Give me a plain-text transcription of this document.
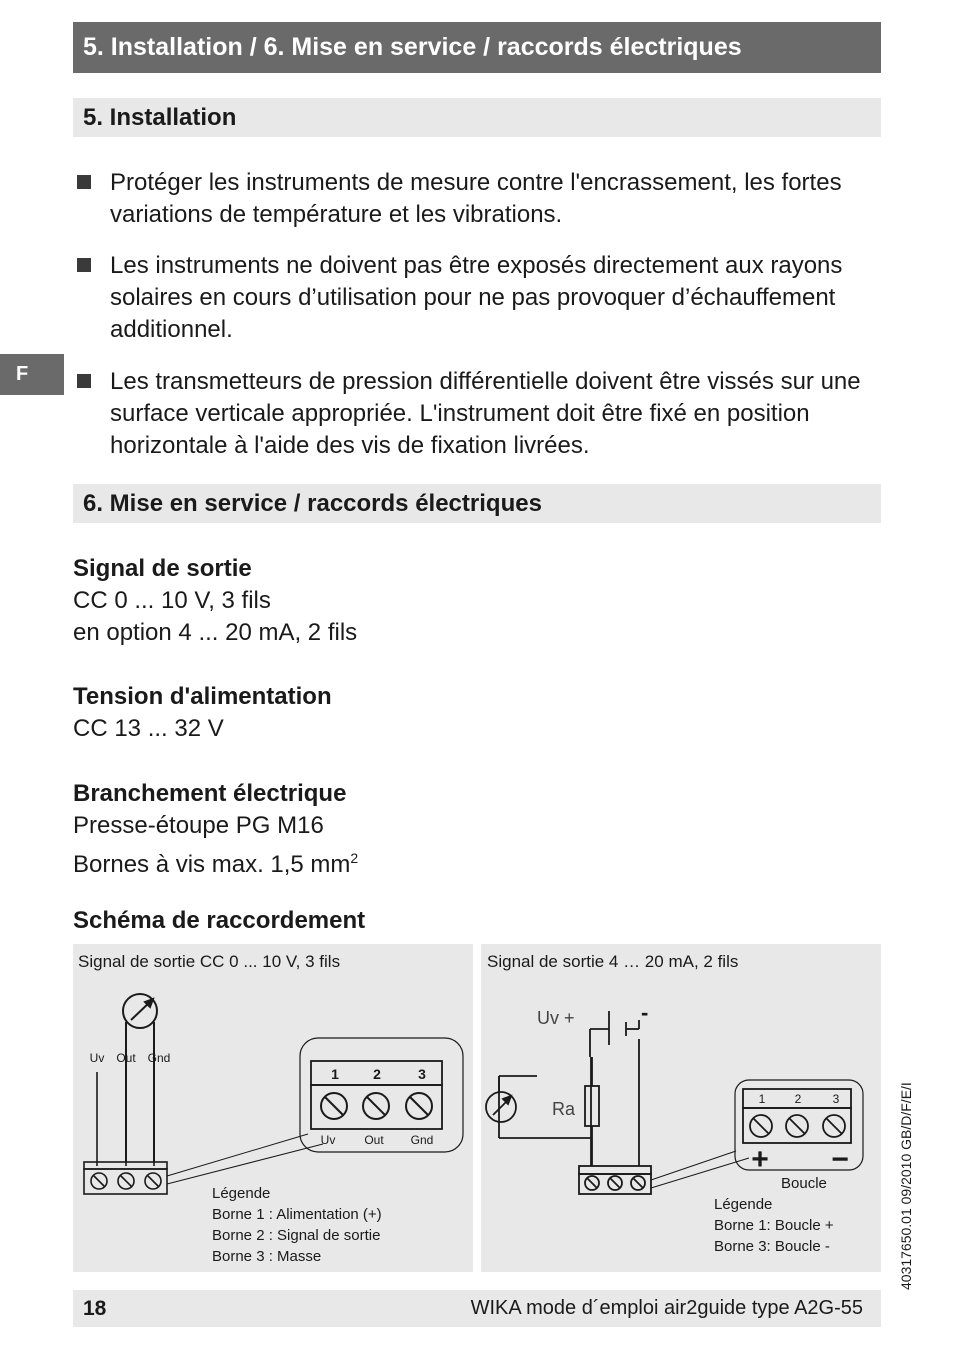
5. Installation / 6. Mise en service / raccords électriques
F
5. Installation
Protéger les instruments de mesure contre l'encrassement, les fortes variations de température et les vibrations.
Les instruments ne doivent pas être exposés directement aux rayons solaires en cours d’utilisation pour ne pas provoquer d’échauffement additionnel.
Les transmetteurs de pression différentielle doivent être vissés sur une surface verticale appropriée. L'instrument doit être fixé en position horizontale à l'aide des vis de fixation livrées.
6. Mise en service / raccords électriques
Signal de sortie
CC 0 ... 10 V, 3 fils
en option 4 ... 20 mA, 2 fils
Tension d'alimentation
CC 13 ... 32 V
Branchement électrique
Presse-étoupe PG M16
Bornes à vis max. 1,5 $mm^2$
Schéma de raccordement
Signal de sortie CC 0 ... 10 V, 3 fils
Uv Out Gnd
1 2	3
Uv Out Gnd
Légende
Borne 1 : Alimentation (+)
Borne 2 : Signal de sortie
Borne 3 : Masse
Signal de sortie 4 … 20 mA, 2 fils
Uv +	-
Ra	1 2	3
+ −
Boucle
Légende
Borne 1: Boucle +
Borne 3: Boucle -
18	WIKA mode d´emploi air2guide type A2G-55
40317650.01 09/2010 GB/D/F/E/I
